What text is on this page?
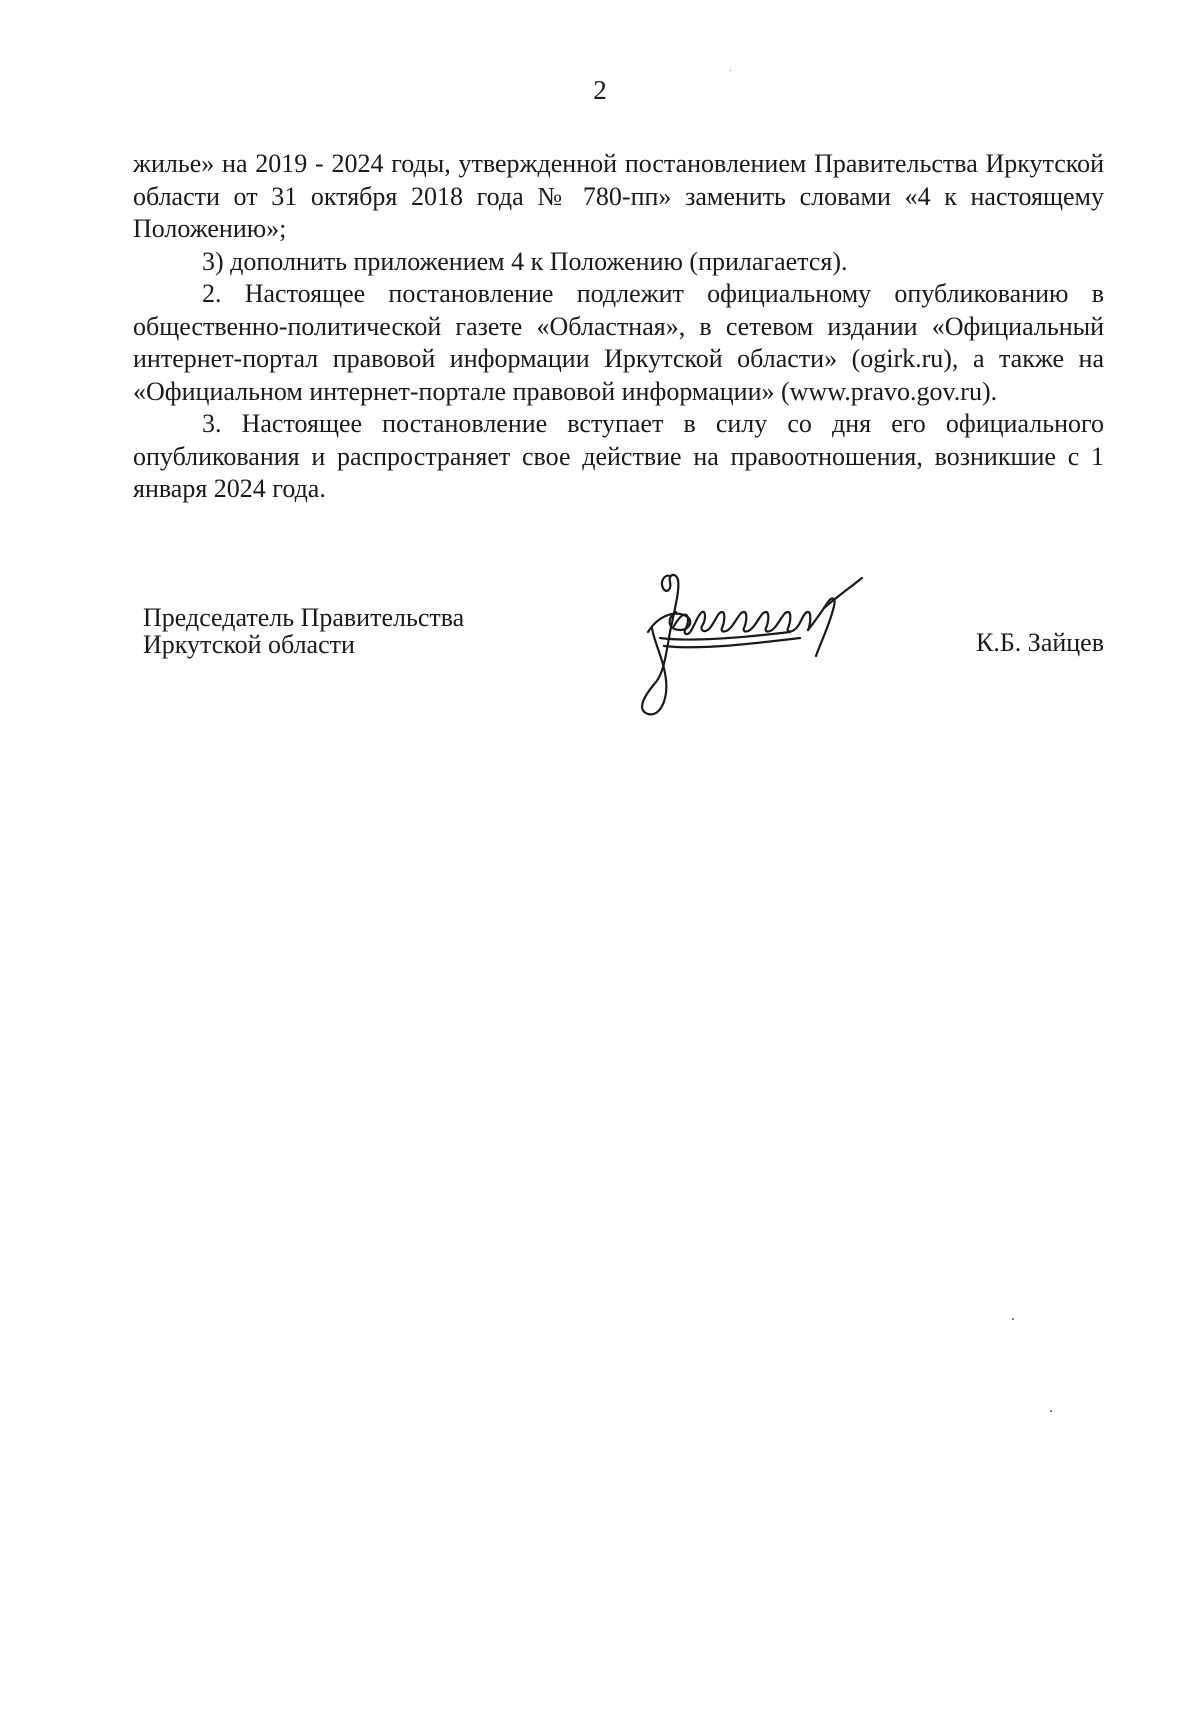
2

жилье» на 2019 - 2024 годы, утвержденной постановлением Правительства Иркутской области от 31 октября 2018 года № 780-пп» заменить словами «4 к настоящему Положению»;

3) дополнить приложением 4 к Положению (прилагается).

2. Настоящее постановление подлежит официальному опубликованию в общественно-политической газете «Областная», в сетевом издании «Официальный интернет-портал правовой информации Иркутской области» (ogirk.ru), а также на «Официальном интернет-портале правовой информации» (www.pravo.gov.ru).

3. Настоящее постановление вступает в силу со дня его официального опубликования и распространяет свое действие на правоотношения, возникшие с 1 января 2024 года.

Председатель Правительства
Иркутской области	К.Б. Зайцев
